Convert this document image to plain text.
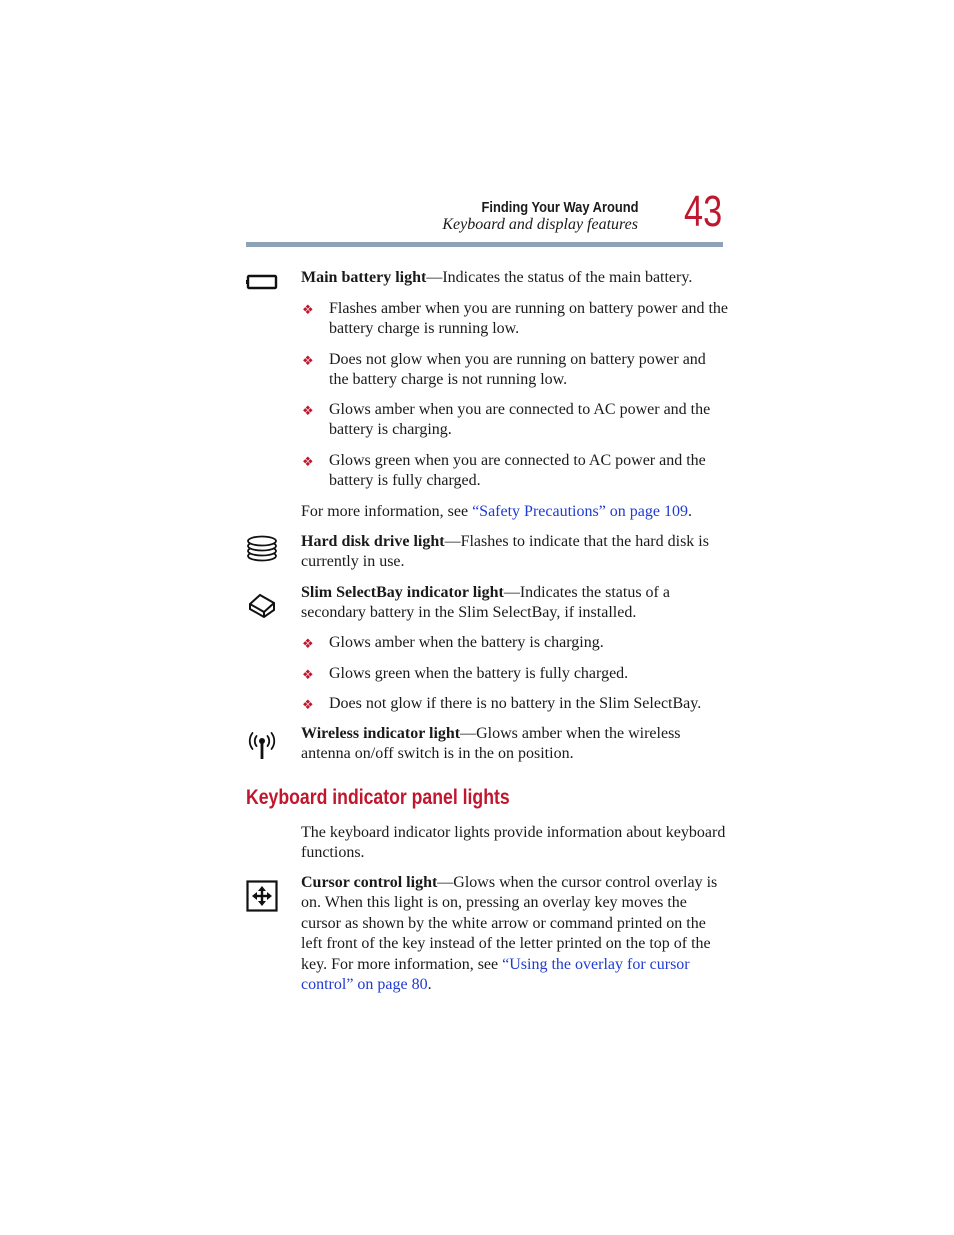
Finding Your Way Around
Keyboard and display features 43
Main battery light—Indicates the status of the main battery.
❖ Flashes amber when you are running on battery power and the battery charge is running low.
❖ Does not glow when you are running on battery power and the battery charge is not running low.
❖ Glows amber when you are connected to AC power and the battery is charging.
❖ Glows green when you are connected to AC power and the battery is fully charged.
For more information, see “Safety Precautions” on page 109.
Hard disk drive light—Flashes to indicate that the hard disk is currently in use.
Slim SelectBay indicator light—Indicates the status of a secondary battery in the Slim SelectBay, if installed.
❖ Glows amber when the battery is charging.
❖ Glows green when the battery is fully charged.
❖ Does not glow if there is no battery in the Slim SelectBay.
Wireless indicator light—Glows amber when the wireless antenna on/off switch is in the on position.
Keyboard indicator panel lights
The keyboard indicator lights provide information about keyboard functions.
Cursor control light—Glows when the cursor control overlay is on. When this light is on, pressing an overlay key moves the cursor as shown by the white arrow or command printed on the left front of the key instead of the letter printed on the top of the key. For more information, see “Using the overlay for cursor control” on page 80.
